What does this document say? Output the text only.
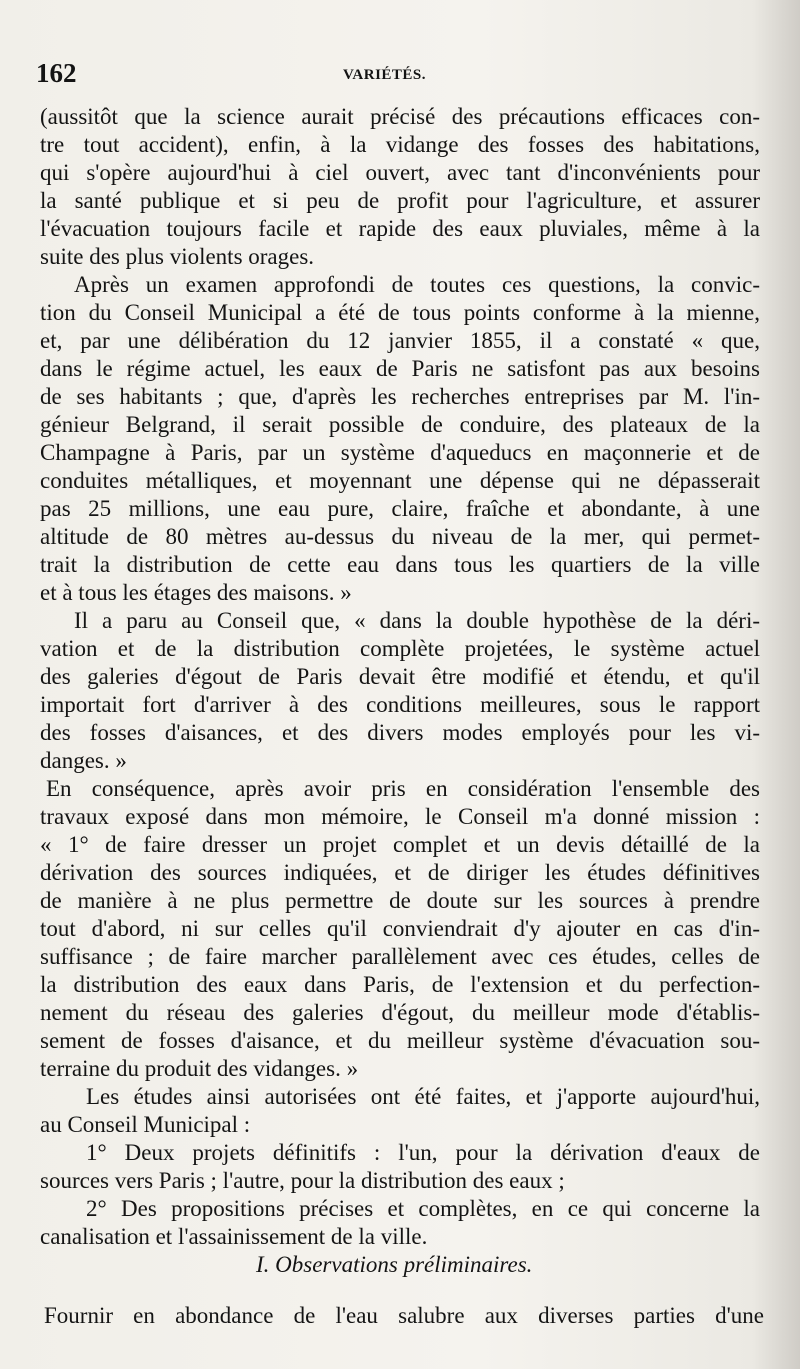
162	VARIÉTÉS.
(aussitôt que la science aurait précisé des précautions efficaces con-
tre tout accident), enfin, à la vidange des fosses des habitations,
qui s'opère aujourd'hui à ciel ouvert, avec tant d'inconvénients pour
la santé publique et si peu de profit pour l'agriculture, et assurer
l'évacuation toujours facile et rapide des eaux pluviales, même à la
suite des plus violents orages.
Après un examen approfondi de toutes ces questions, la convic-
tion du Conseil Municipal a été de tous points conforme à la mienne,
et, par une délibération du 12 janvier 1855, il a constaté « que,
dans le régime actuel, les eaux de Paris ne satisfont pas aux besoins
de ses habitants ; que, d'après les recherches entreprises par M. l'in-
génieur Belgrand, il serait possible de conduire, des plateaux de la
Champagne à Paris, par un système d'aqueducs en maçonnerie et de
conduites métalliques, et moyennant une dépense qui ne dépasserait
pas 25 millions, une eau pure, claire, fraîche et abondante, à une
altitude de 80 mètres au-dessus du niveau de la mer, qui permet-
trait la distribution de cette eau dans tous les quartiers de la ville
et à tous les étages des maisons. »
Il a paru au Conseil que, « dans la double hypothèse de la déri-
vation et de la distribution complète projetées, le système actuel
des galeries d'égout de Paris devait être modifié et étendu, et qu'il
importait fort d'arriver à des conditions meilleures, sous le rapport
des fosses d'aisances, et des divers modes employés pour les vi-
danges. »
En conséquence, après avoir pris en considération l'ensemble des
travaux exposé dans mon mémoire, le Conseil m'a donné mission :
« 1° de faire dresser un projet complet et un devis détaillé de la
dérivation des sources indiquées, et de diriger les études définitives
de manière à ne plus permettre de doute sur les sources à prendre
tout d'abord, ni sur celles qu'il conviendrait d'y ajouter en cas d'in-
suffisance ; de faire marcher parallèlement avec ces études, celles de
la distribution des eaux dans Paris, de l'extension et du perfection-
nement du réseau des galeries d'égout, du meilleur mode d'établis-
sement de fosses d'aisance, et du meilleur système d'évacuation sou-
terraine du produit des vidanges. »
Les études ainsi autorisées ont été faites, et j'apporte aujourd'hui,
au Conseil Municipal :
1° Deux projets définitifs : l'un, pour la dérivation d'eaux de
sources vers Paris ; l'autre, pour la distribution des eaux ;
2° Des propositions précises et complètes, en ce qui concerne la
canalisation et l'assainissement de la ville.
I. Observations préliminaires.
Fournir en abondance de l'eau salubre aux diverses parties d'une
